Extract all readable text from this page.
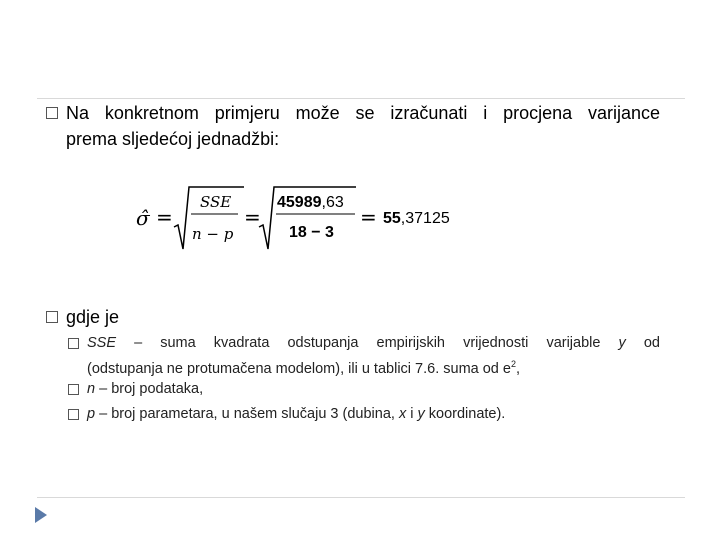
Na konkretnom primjeru može se izračunati i procjena varijance
prema sljedećoj jednadžbi:
σ̂ =
SSE
n − p
=
45989,63
18 − 3
= 55,37125
gdje je
SSE – suma kvadrata odstupanja empirijskih vrijednosti varijable y od
(odstupanja ne protumačena modelom), ili u tablici 7.6. suma od $e^2$,
n – broj podataka,
p – broj parametara, u našem slučaju 3 (dubina, x i y koordinate).
